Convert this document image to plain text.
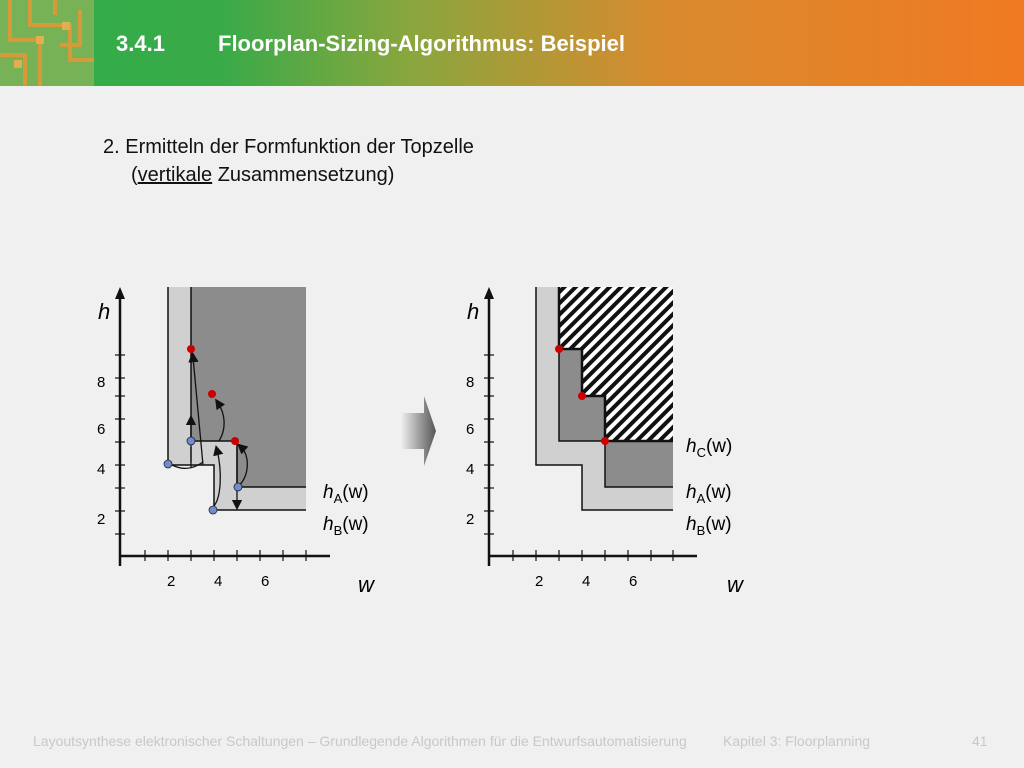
3.4.1 Floorplan-Sizing-Algorithmus: Beispiel
2. Ermitteln der Formfunktion der Topzelle
(vertikale Zusammensetzung)
h
w
2
4
6
8
2	4	6
$h_A(w)$
$h_B(w)$
h
w
2
4
6
8
2	4	6
$h_C(w)$
$h_A(w)$
$h_B(w)$
Layoutsynthese elektronischer Schaltungen – Grundlegende Algorithmen für die Entwurfsautomatisierung	Kapitel 3: Floorplanning	41
